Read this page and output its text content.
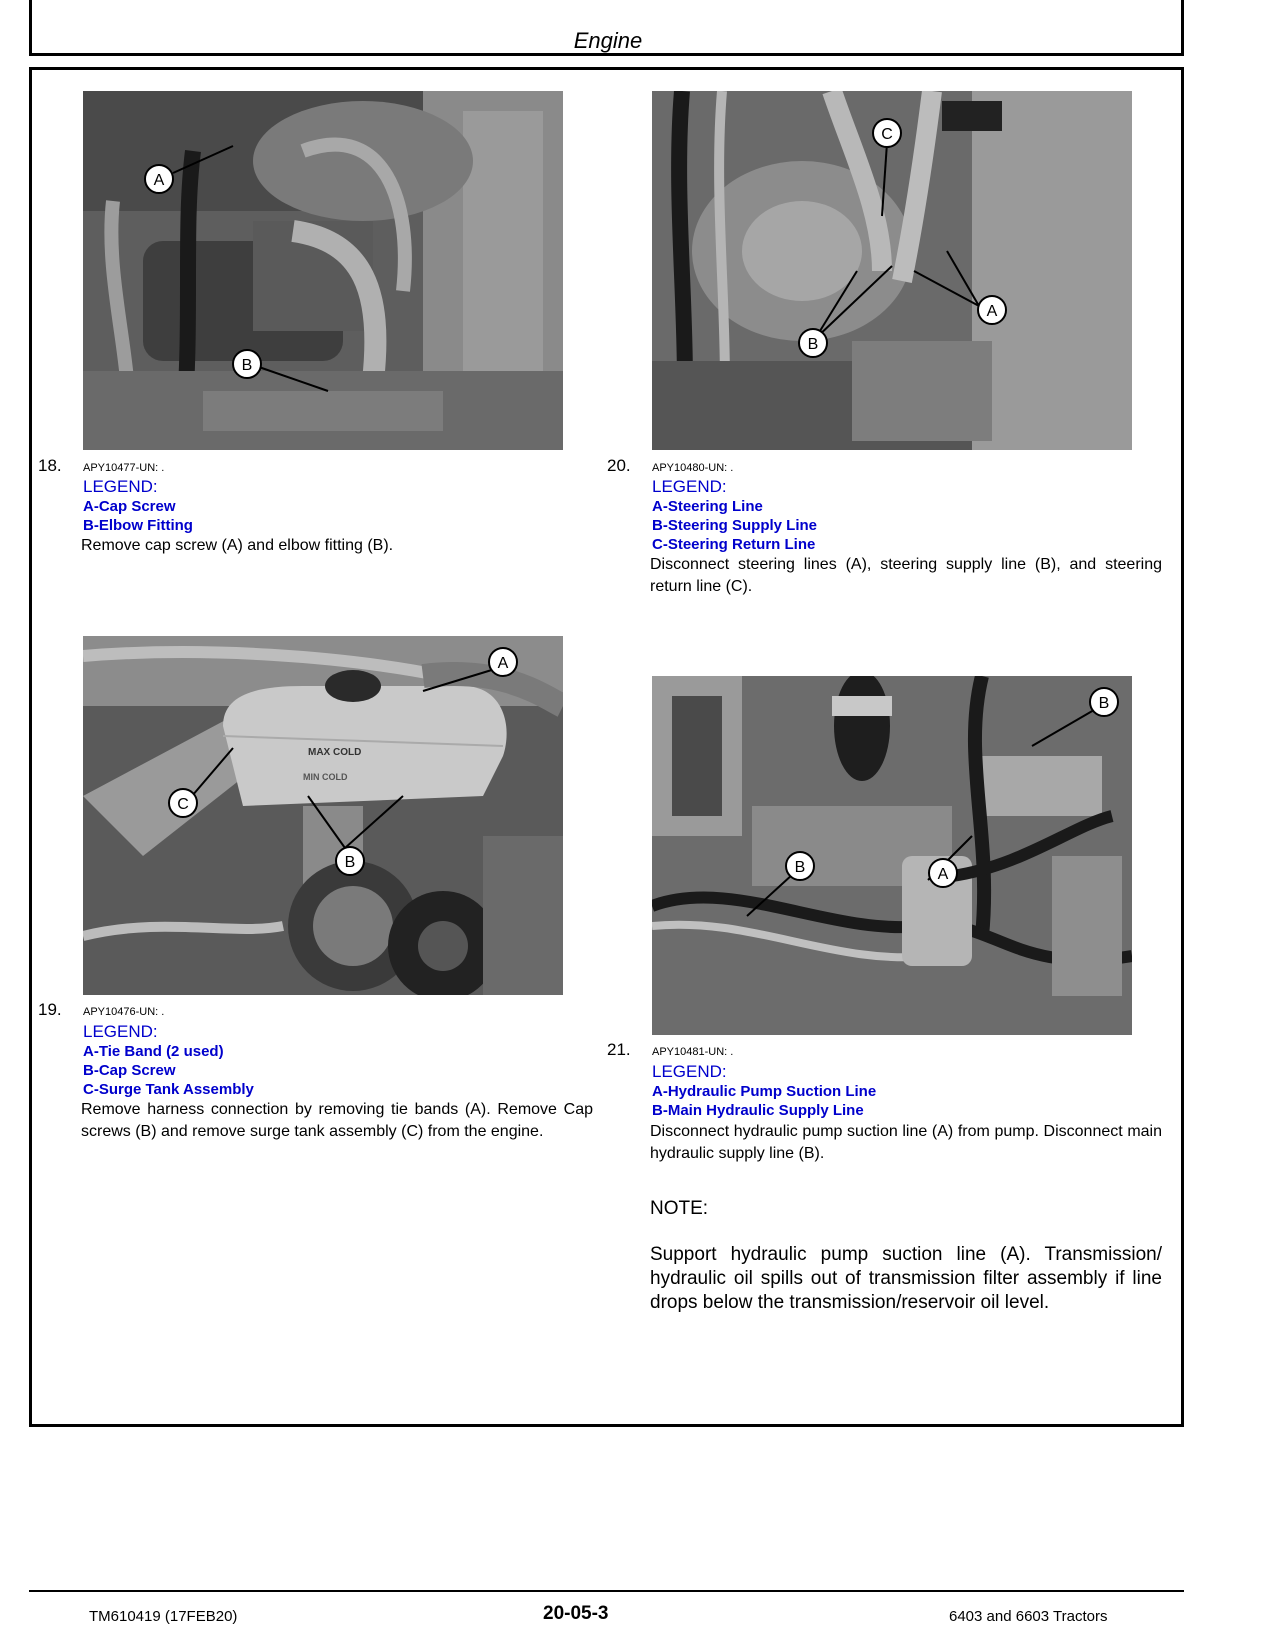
Engine
A
B
18. APY10477-UN: .
LEGEND:
A-Cap Screw
B-Elbow Fitting
Remove cap screw (A) and elbow fitting (B).
C
A
B
20. APY10480-UN: .
LEGEND:
A-Steering Line
B-Steering Supply Line
C-Steering Return Line
Disconnect steering lines (A), steering supply line (B), and steering return line (C).
MAX COLD
MIN COLD
A
C
B
19. APY10476-UN: .
LEGEND:
A-Tie Band (2 used)
B-Cap Screw
C-Surge Tank Assembly
Remove harness connection by removing tie bands (A). Remove Cap screws (B) and remove surge tank assembly (C) from the engine.
B
B	A
21. APY10481-UN: .
LEGEND:
A-Hydraulic Pump Suction Line
B-Main Hydraulic Supply Line
Disconnect hydraulic pump suction line (A) from pump. Disconnect main hydraulic supply line (B).
NOTE:
Support hydraulic pump suction line (A). Transmission/ hydraulic oil spills out of transmission filter assembly if line drops below the transmission/reservoir oil level.
TM610419 (17FEB20)	20-05-3	6403 and 6603 Tractors
